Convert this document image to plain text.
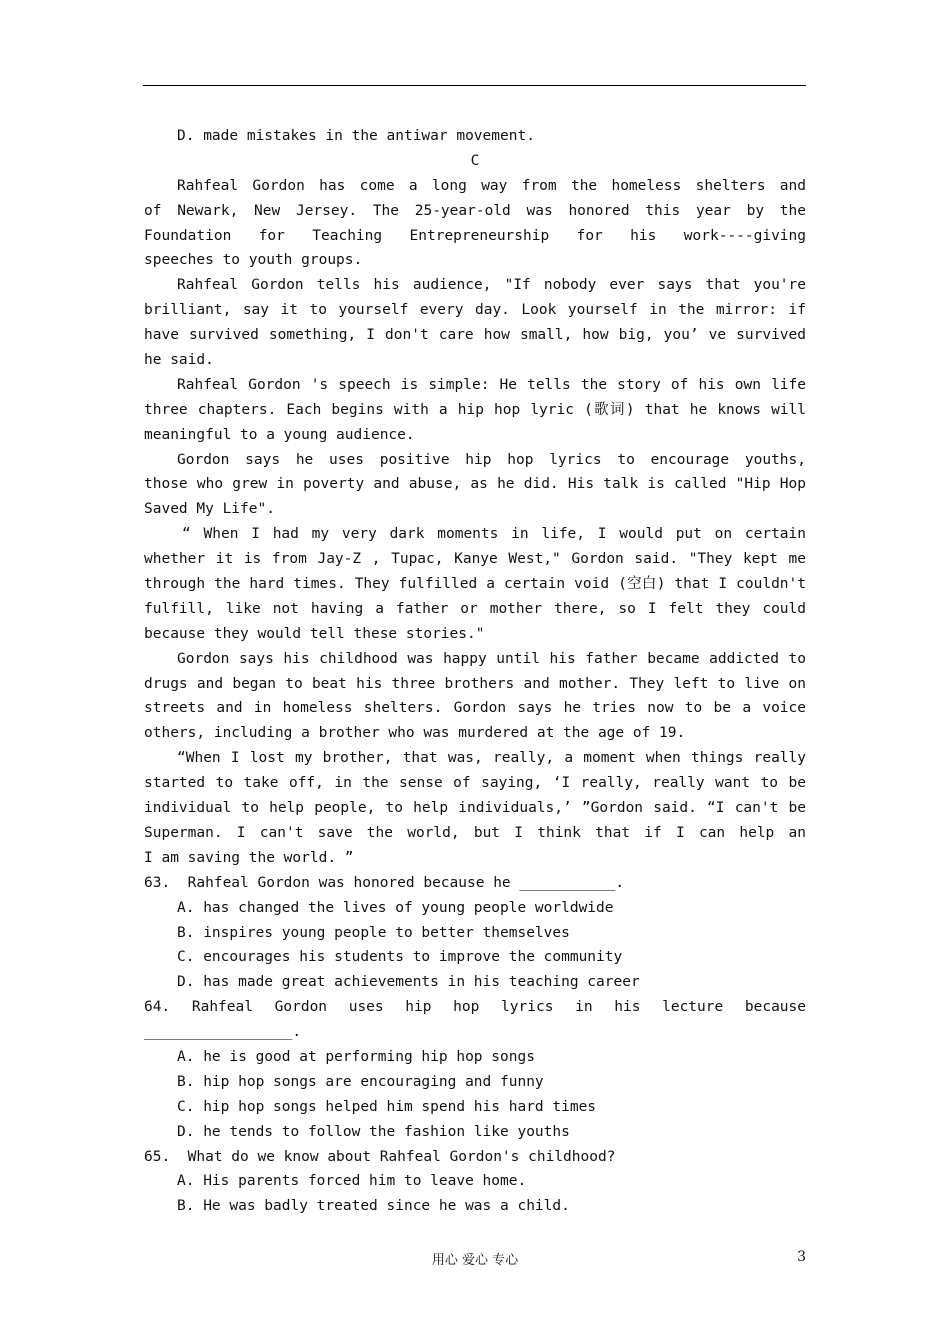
D. made mistakes in the antiwar movement.
C
Rahfeal Gordon has come a long way from the homeless shelters and
of Newark, New Jersey. The 25-year-old was honored this year by the
Foundation for Teaching Entrepreneurship for his work----giving
speeches to youth groups.
Rahfeal Gordon tells his audience, "If nobody ever says that you're
brilliant, say it to yourself every day. Look yourself in the mirror: if
have survived something, I don't care how small, how big, you’ ve survived
he said.
Rahfeal Gordon 's speech is simple: He tells the story of his own life
three chapters. Each begins with a hip hop lyric (歌词) that he knows will
meaningful to a young audience.
Gordon says he uses positive hip hop lyrics to encourage youths,
those who grew in poverty and abuse, as he did. His talk is called "Hip Hop
Saved My Life".
“ When I had my very dark moments in life, I would put on certain
whether it is from Jay-Z , Tupac, Kanye West," Gordon said. "They kept me
through the hard times. They fulfilled a certain void (空白) that I couldn't
fulfill, like not having a father or mother there, so I felt they could
because they would tell these stories."
Gordon says his childhood was happy until his father became addicted to
drugs and began to beat his three brothers and mother. They left to live on
streets and in homeless shelters. Gordon says he tries now to be a voice
others, including a brother who was murdered at the age of 19.
“When I lost my brother, that was, really, a moment when things really
started to take off, in the sense of saying, ‘I really, really want to be
individual to help people, to help individuals,’ ”Gordon said. “I can't be
Superman. I can't save the world, but I think that if I can help an
I am saving the world. ”
63.  Rahfeal Gordon was honored because he ___________.
A. has changed the lives of young people worldwide
B. inspires young people to better themselves
C. encourages his students to improve the community
D. has made great achievements in his teaching career
64. Rahfeal Gordon uses hip hop lyrics in his lecture because
_________________.
A. he is good at performing hip hop songs
B. hip hop songs are encouraging and funny
C. hip hop songs helped him spend his hard times
D. he tends to follow the fashion like youths
65.  What do we know about Rahfeal Gordon's childhood?
A. His parents forced him to leave home.
B. He was badly treated since he was a child.
用心 爱心 专心	3
